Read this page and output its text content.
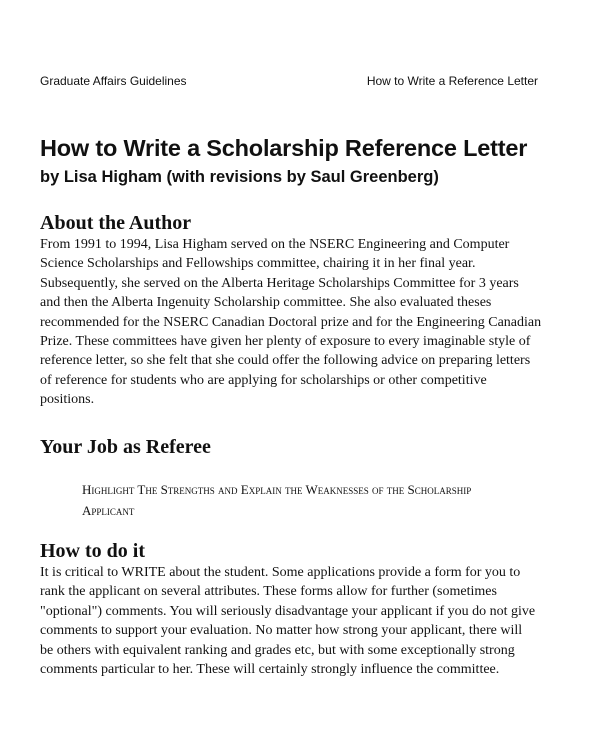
Graduate Affairs Guidelines	How to Write a Reference Letter
How to Write a Scholarship Reference Letter
by Lisa Higham (with revisions by Saul Greenberg)
About the Author

From 1991 to 1994, Lisa Higham served on the NSERC Engineering and Computer
Science Scholarships and Fellowships committee, chairing it in her final year.
Subsequently, she served on the Alberta Heritage Scholarships Committee for 3 years
and then the Alberta Ingenuity Scholarship committee. She also evaluated theses
recommended for the NSERC Canadian Doctoral prize and for the Engineering Canadian
Prize. These committees have given her plenty of exposure to every imaginable style of
reference letter, so she felt that she could offer the following advice on preparing letters
of reference for students who are applying for scholarships or other competitive
positions.

Your Job as Referee

Highlight The Strengths and Explain the Weaknesses of the Scholarship
Applicant

How to do it

It is critical to WRITE about the student. Some applications provide a form for you to
rank the applicant on several attributes. These forms allow for further (sometimes
"optional") comments. You will seriously disadvantage your applicant if you do not give
comments to support your evaluation. No matter how strong your applicant, there will
be others with equivalent ranking and grades etc, but with some exceptionally strong
comments particular to her. These will certainly strongly influence the committee.
